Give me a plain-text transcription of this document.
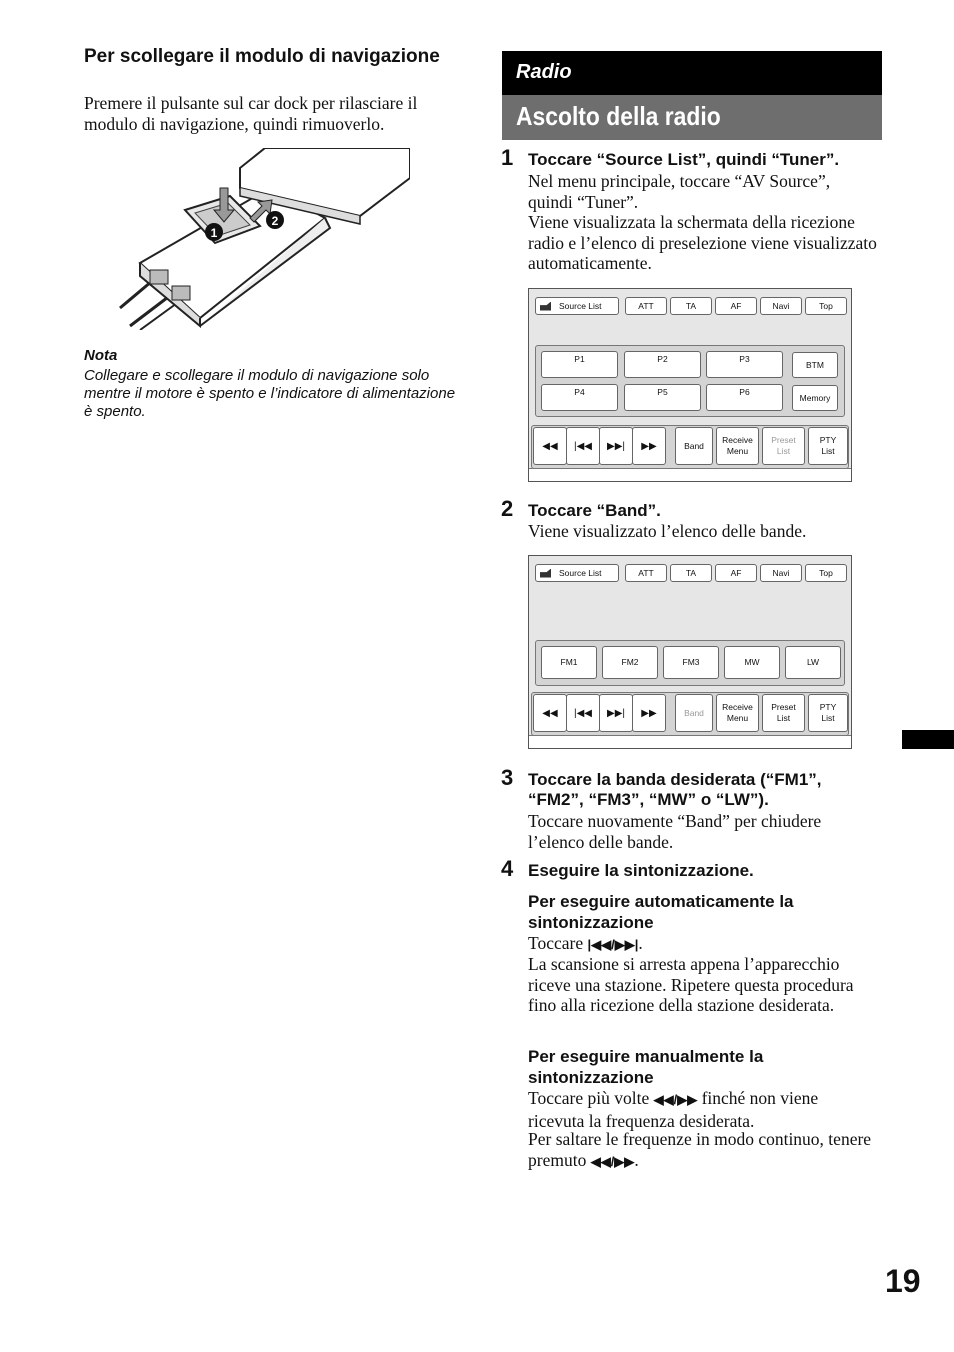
Per scollegare il modulo di navigazione
Premere il pulsante sul car dock per rilasciare il modulo di navigazione, quindi rimuoverlo.
1
2
Nota
Collegare e scollegare il modulo di navigazione solo mentre il motore è spento e l’indicatore di alimentazione è spento.
Radio
Ascolto della radio
1 Toccare “Source List”, quindi “Tuner”.
Nel menu principale, toccare “AV Source”, quindi “Tuner”.
Viene visualizzata la schermata della ricezione radio e l’elenco di preselezione viene visualizzato automaticamente.
Source List	ATT	TA	AF	Navi	Top
P1	P2	P3
P4	P5	P6
BTM
Memory
◀◀ |◀◀ ▶▶| ▶▶	Band
Receive
Menu
Preset
List
PTY
List
2 Toccare “Band”.
Viene visualizzato l’elenco delle bande.
Source List	ATT	TA	AF	Navi	Top
FM1	FM2	FM3	MW	LW
◀◀ |◀◀ ▶▶| ▶▶	Band
Receive
Menu
Preset
List
PTY
List
3 Toccare la banda desiderata (“FM1”, “FM2”, “FM3”, “MW” o “LW”).
Toccare nuovamente “Band” per chiudere l’elenco delle bande.
4 Eseguire la sintonizzazione.
Per eseguire automaticamente la sintonizzazione
Toccare |◀◀/▶▶|.
La scansione si arresta appena l’apparecchio riceve una stazione. Ripetere questa procedura fino alla ricezione della stazione desiderata.
Per eseguire manualmente la sintonizzazione
Toccare più volte ◀◀/▶▶ finché non viene ricevuta la frequenza desiderata.
Per saltare le frequenze in modo continuo, tenere premuto ◀◀/▶▶.
19
